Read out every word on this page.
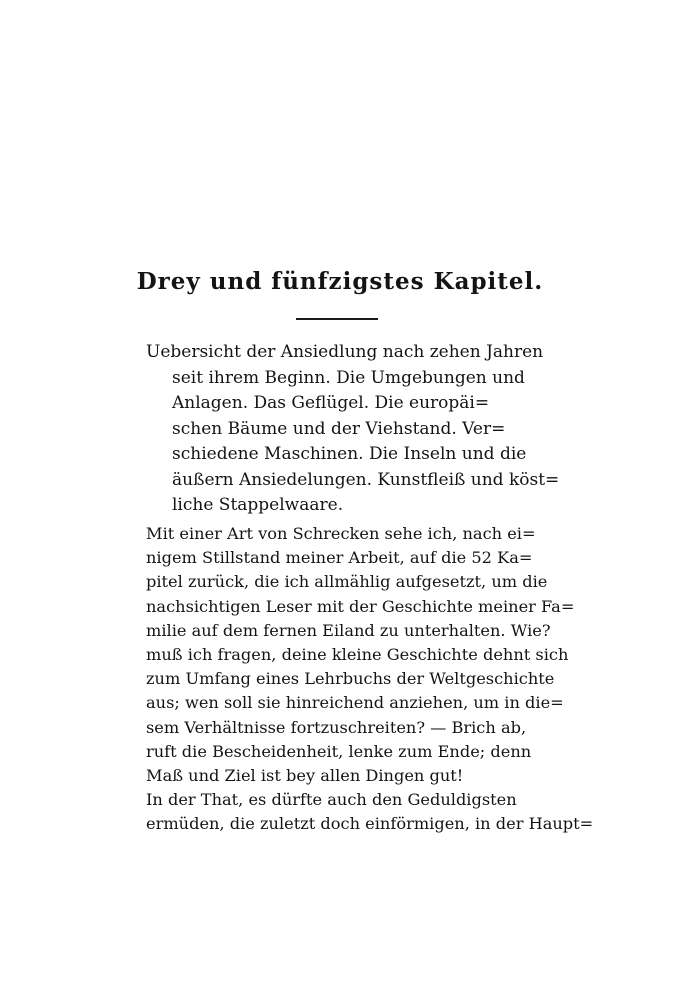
Drey und fünfzigstes Kapitel.
Uebersicht der Ansiedlung nach zehen Jahren
seit ihrem Beginn. Die Umgebungen und
Anlagen. Das Geflügel. Die europäi=
schen Bäume und der Viehstand. Ver=
schiedene Maschinen. Die Inseln und die
äußern Ansiedelungen. Kunstfleiß und köst=
liche Stappelwaare.
Mit einer Art von Schrecken sehe ich, nach ei=
nigem Stillstand meiner Arbeit, auf die 52 Ka=
pitel zurück, die ich allmählig aufgesetzt, um die
nachsichtigen Leser mit der Geschichte meiner Fa=
milie auf dem fernen Eiland zu unterhalten. Wie?
muß ich fragen, deine kleine Geschichte dehnt sich
zum Umfang eines Lehrbuchs der Weltgeschichte
aus; wen soll sie hinreichend anziehen, um in die=
sem Verhältnisse fortzuschreiten? — Brich ab,
ruft die Bescheidenheit, lenke zum Ende; denn
Maß und Ziel ist bey allen Dingen gut!
In der That, es dürfte auch den Geduldigsten
ermüden, die zuletzt doch einförmigen, in der Haupt=
